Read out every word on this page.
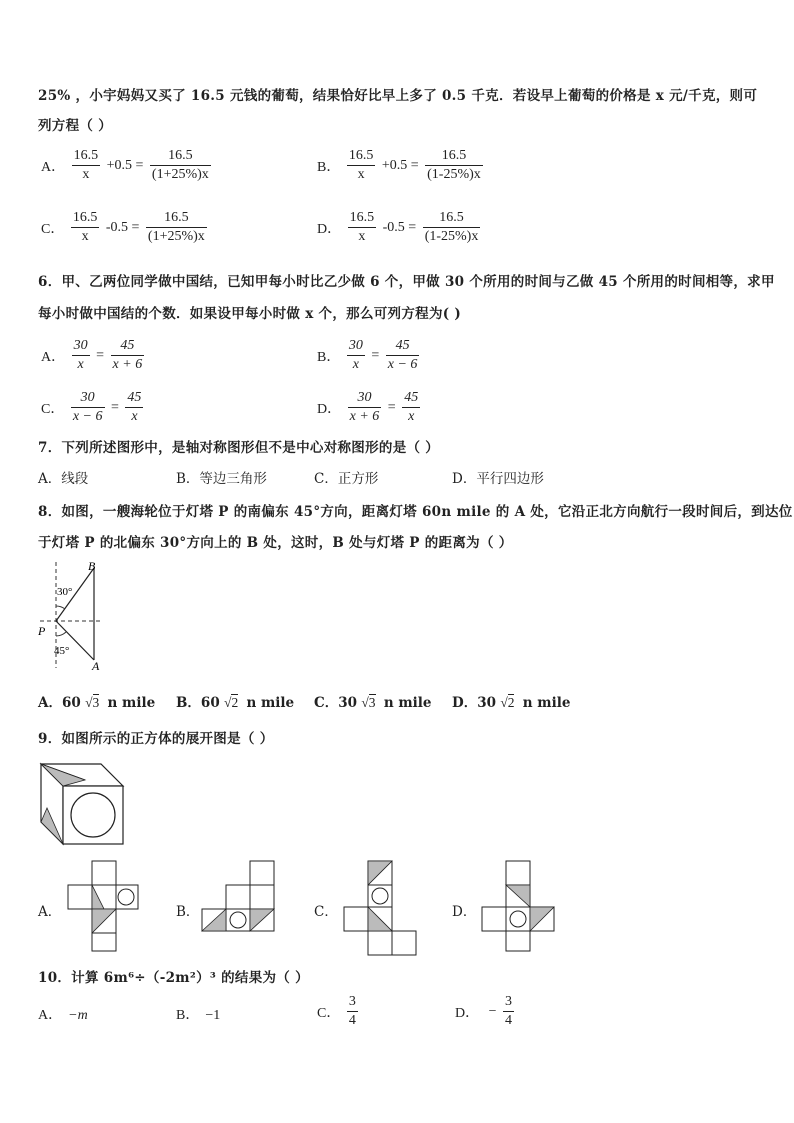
25% ，小宇妈妈又买了 16.5 元钱的葡萄，结果恰好比早上多了 0.5 千克．若设早上葡萄的价格是 x 元/千克，则可
列方程（ ）
A． $\frac{16.5}{x} +0.5 = \frac{16.5}{(1+25\%)x}$	B． $\frac{16.5}{x} +0.5 = \frac{16.5}{(1-25\%)x}$
C． $\frac{16.5}{x} -0.5 = \frac{16.5}{(1+25\%)x}$	D． $\frac{16.5}{x} -0.5 = \frac{16.5}{(1-25\%)x}$
6．甲、乙两位同学做中国结，已知甲每小时比乙少做 6 个，甲做 30 个所用的时间与乙做 45 个所用的时间相等，求甲
每小时做中国结的个数．如果设甲每小时做 x 个，那么可列方程为( )
A． $\frac{30}{x} = \frac{45}{x + 6}$	B． $\frac{30}{x} = \frac{45}{x - 6}$
C． $\frac{30}{x - 6} = \frac{45}{x}$	D． $\frac{30}{x + 6} = \frac{45}{x}$
7．下列所述图形中，是轴对称图形但不是中心对称图形的是（ ）
A．线段	B．等边三角形	C．正方形	D．平行四边形
8．如图，一艘海轮位于灯塔 P 的南偏东 45°方向，距离灯塔 60n mile 的 A 处，它沿正北方向航行一段时间后，到达位
于灯塔 P 的北偏东 30°方向上的 B 处，这时，B 处与灯塔 P 的距离为（ ）
B
P
A
30°
45°
A．60 √3 n mile B．60 √2 n mile C．30 √3 n mile D．30 √2 n mile
9．如图所示的正方体的展开图是（ ）
A．	B．	C．	D．
10．计算 6m⁶÷（-2m²）³ 的结果为（ ）
A． −m	B． −1	C． $\frac{3}{4}$	D． − $\frac{3}{4}$
